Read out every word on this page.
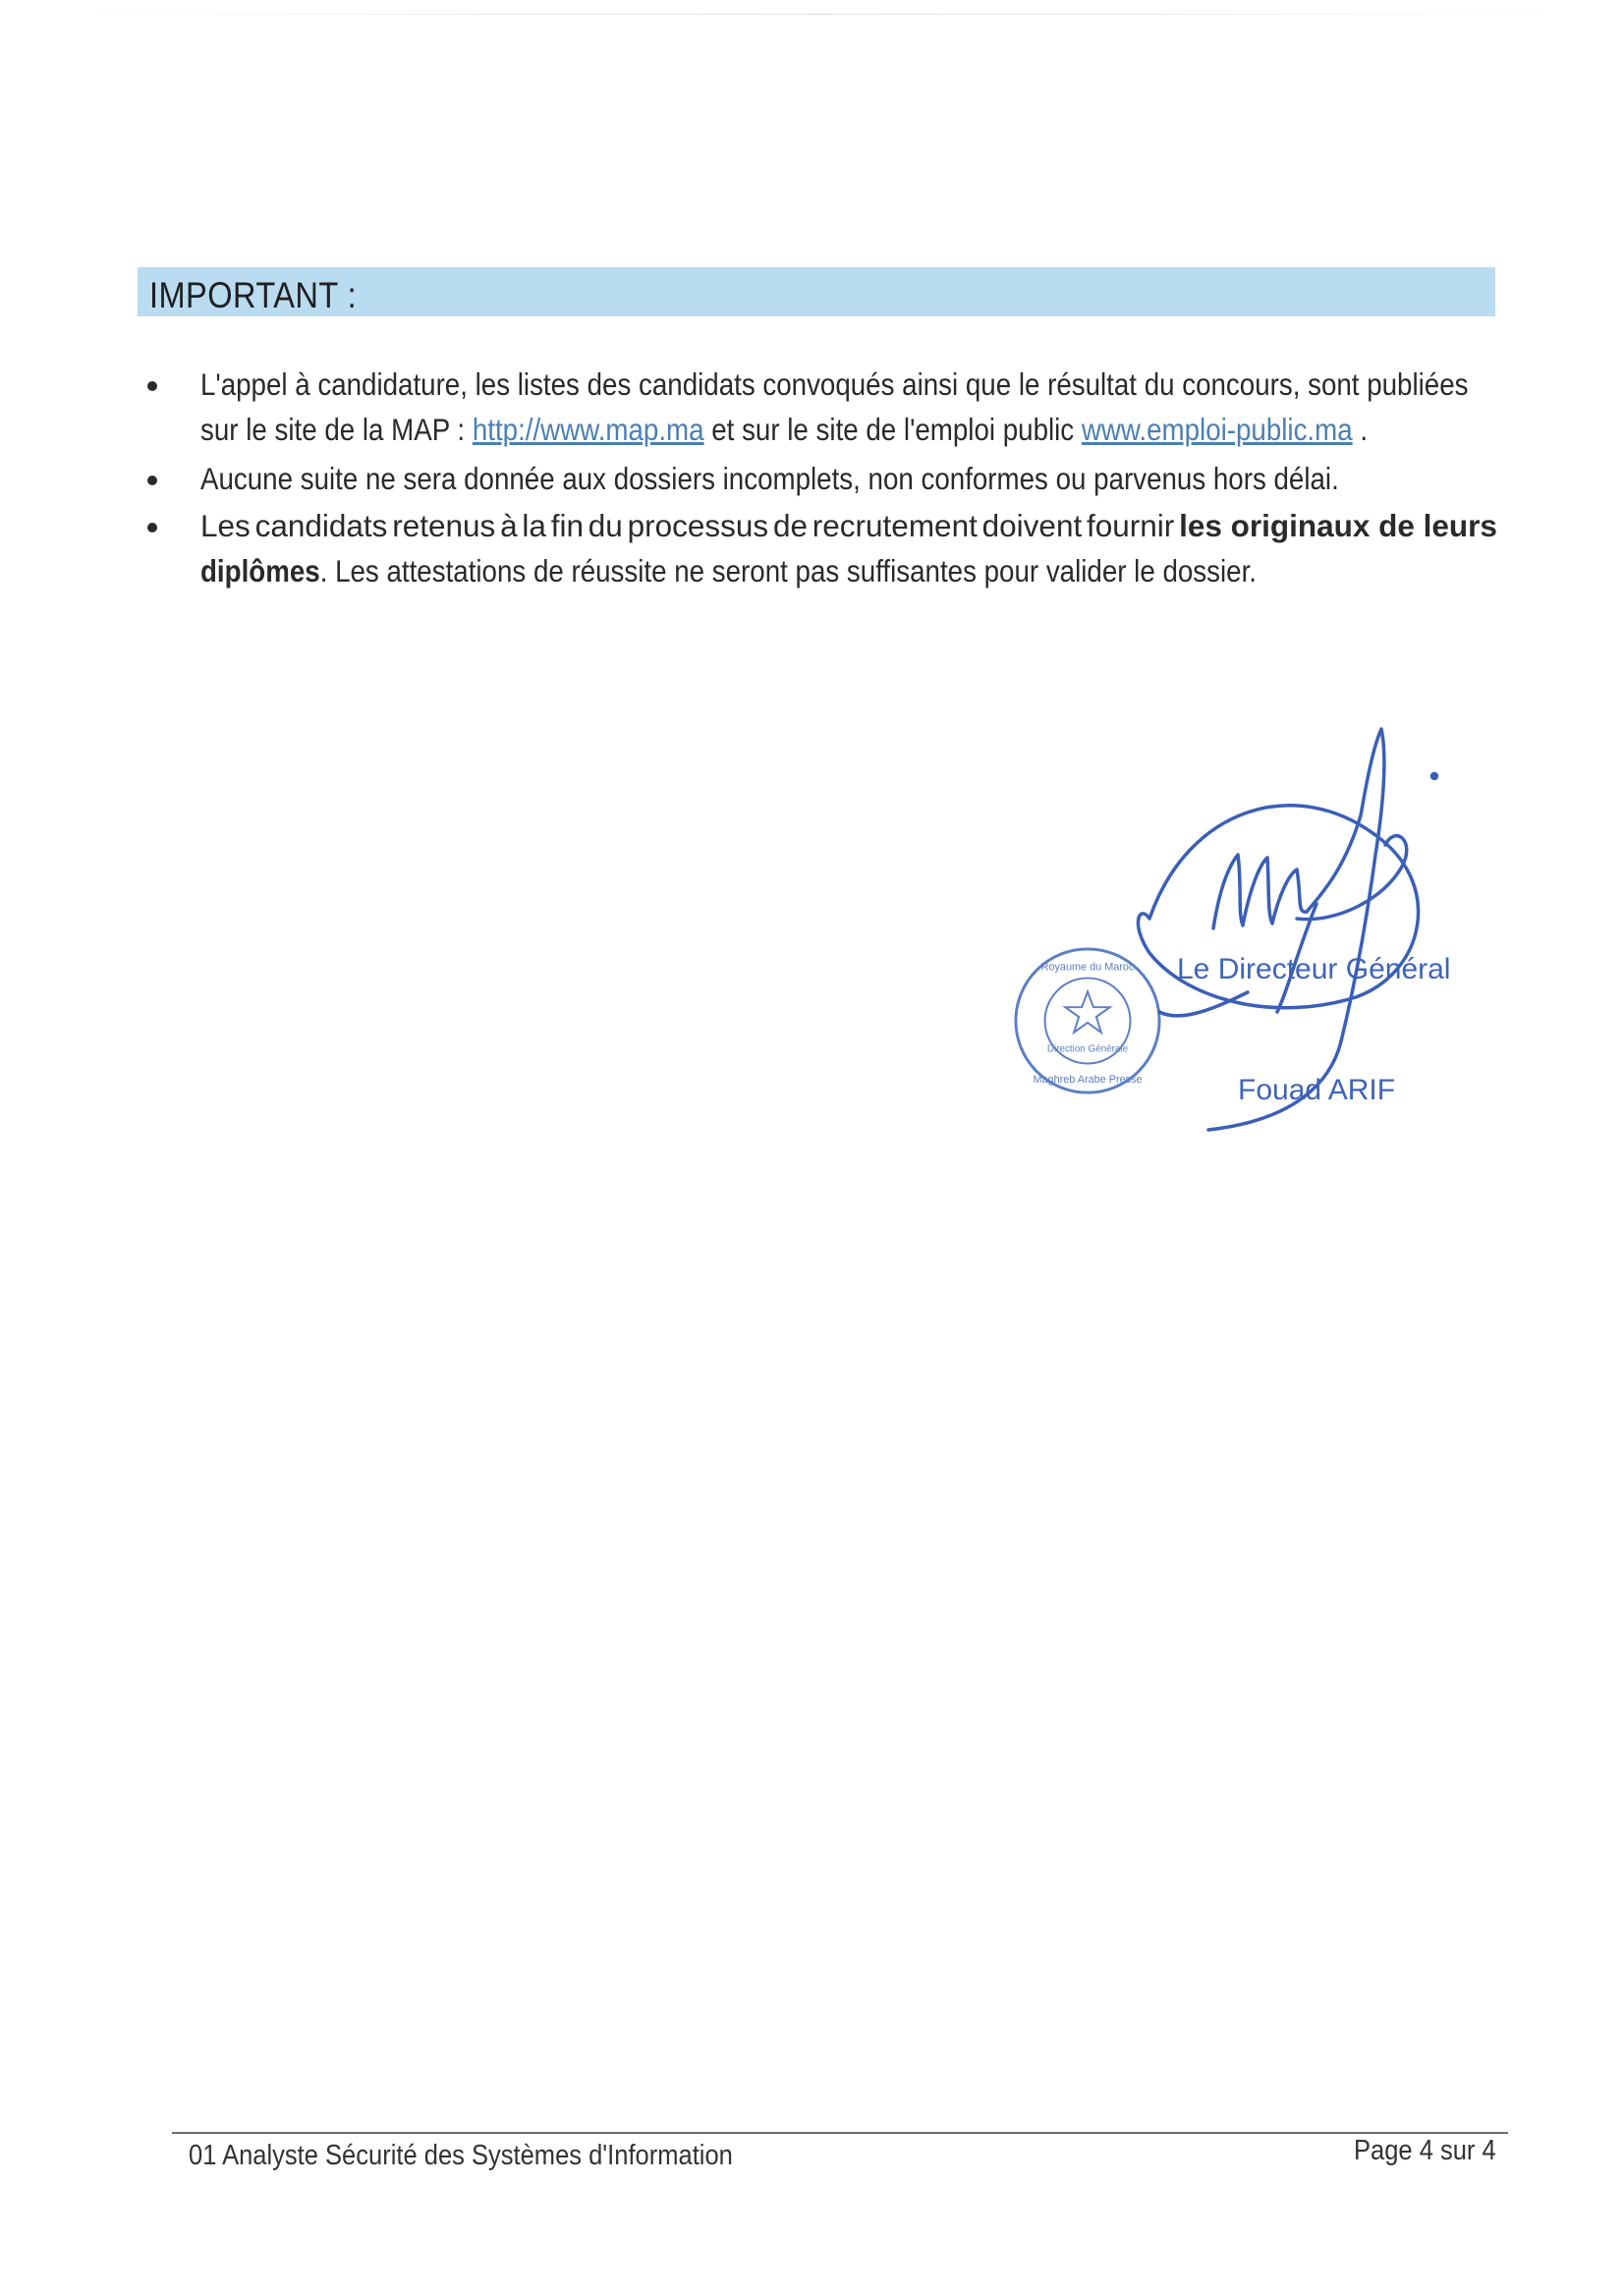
IMPORTANT :
L'appel à candidature, les listes des candidats convoqués ainsi que le résultat du concours, sont publiées
sur le site de la MAP : http://www.map.ma et sur le site de l'emploi public www.emploi-public.ma .
Aucune suite ne sera donnée aux dossiers incomplets, non conformes ou parvenus hors délai.
Les candidats retenus à la fin du processus de recrutement doivent fournir les originaux de leurs
diplômes. Les attestations de réussite ne seront pas suffisantes pour valider le dossier.
Royaume du Maroc
Direction Générale
Maghreb Arabe Presse
Le Directeur Général
Fouad ARIF
01 Analyste Sécurité des Systèmes d'Information	Page 4 sur 4
